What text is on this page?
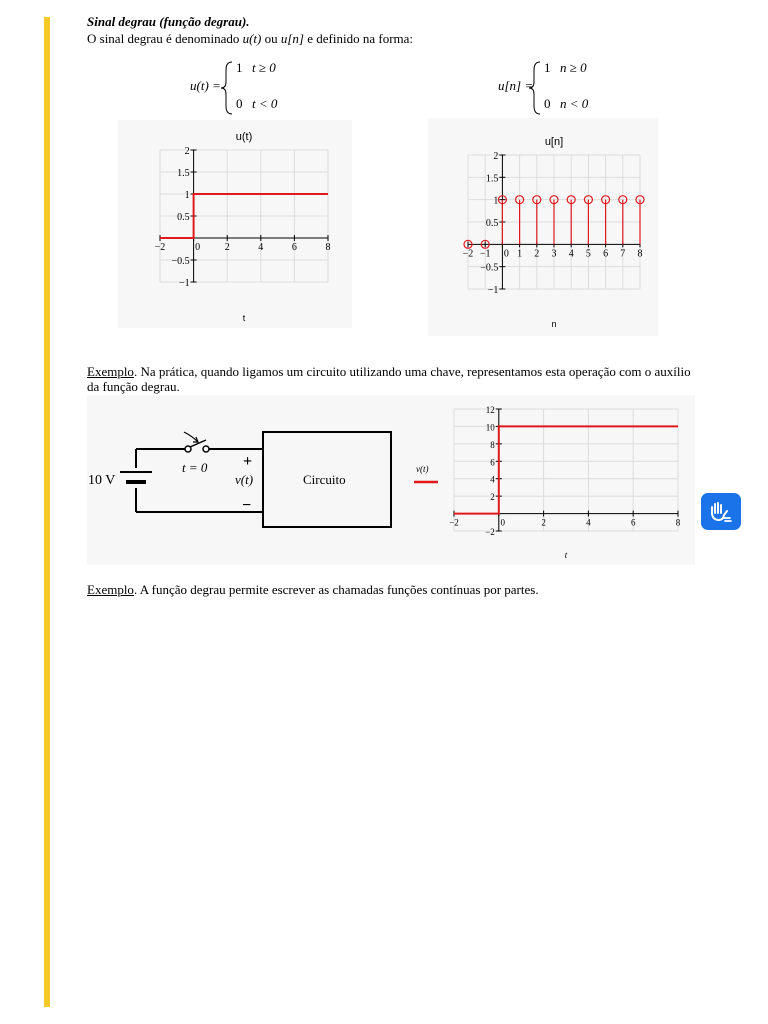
Sinal degrau (função degrau).
O sinal degrau é denominado u(t) ou u[n] e definido na forma:
u(t) =
1 t ≥ 0
0 t < 0
u[n] =
1 n ≥ 0
0 n < 0
−2	0 2	4	6	8
−1
−0.5
0.5
1
1.5
2
u(t)
t
−2 −1 0 1 2 3 4 5 6 7 8
−1
−0.5
0.5
1
1.5
2
u[n]
n
Exemplo. Na prática, quando ligamos um circuito utilizando uma chave, representamos esta operação com o auxílio
da função degrau.
10 V
t = 0 +
v(t)
−
Circuito
v(t)
−2	0	2	4	6	8
−2
2
4
6
8
10
12
t
Exemplo. A função degrau permite escrever as chamadas funções contínuas por partes.
